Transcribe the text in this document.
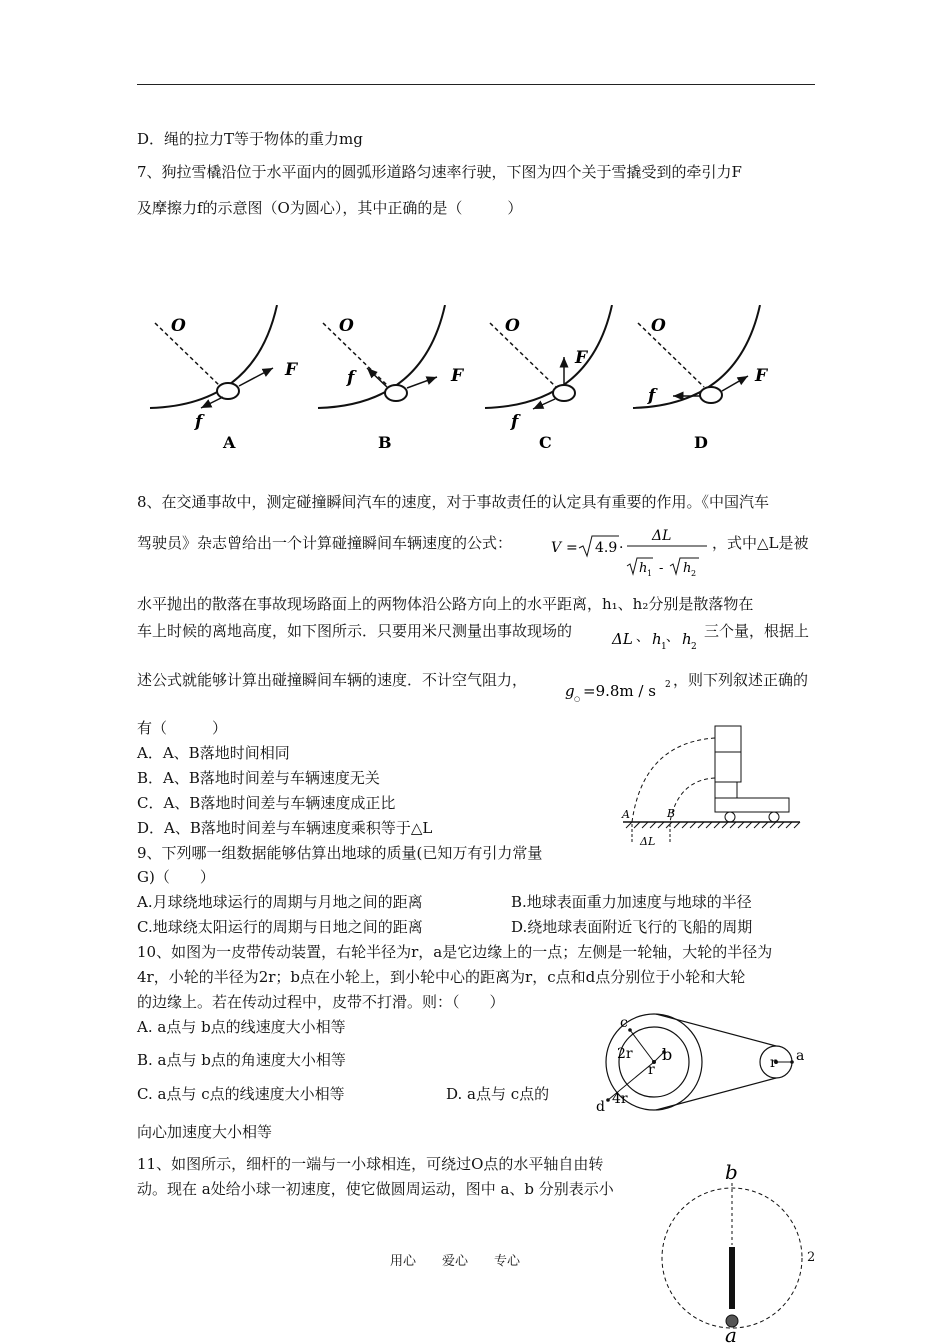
D．绳的拉力T等于物体的重力mg
7、狗拉雪橇沿位于水平面内的圆弧形道路匀速率行驶，下图为四个关于雪撬受到的牵引力F
及摩擦力f的示意图（O为圆心），其中正确的是（　　　）
O
F
f
A
O
F
f
B
O
F
f
C
O
F
f
D
8、在交通事故中，测定碰撞瞬间汽车的速度，对于事故责任的认定具有重要的作用。《中国汽车
驾驶员》杂志曾给出一个计算碰撞瞬间车辆速度的公式：	V = 4.9 ·
ΔL
h 1 - h 2
，式中△L是被
水平抛出的散落在事故现场路面上的两物体沿公路方向上的水平距离，h₁、h₂分别是散落物在
车上时候的离地高度，如下图所示．只要用米尺测量出事故现场的	ΔL 、 h 1
、 h 2
三个量，根据上
述公式就能够计算出碰撞瞬间车辆的速度．不计空气阻力，
g ○ =9.8m / s 2 ，则下列叙述正确的
有（　　　）
A．A、B落地时间相同
B．A、B落地时间差与车辆速度无关
C．A、B落地时间差与车辆速度成正比
D．A、B落地时间差与车辆速度乘积等于△L
A	B
ΔL
9、下列哪一组数据能够估算出地球的质量(已知万有引力常量
G)（　　）
A.月球绕地球运行的周期与月地之间的距离	B.地球表面重力加速度与地球的半径
C.地球绕太阳运行的周期与日地之间的距离	D.绕地球表面附近飞行的飞船的周期
10、如图为一皮带传动装置，右轮半径为r，a是它边缘上的一点；左侧是一轮轴，大轮的半径为
4r，小轮的半径为2r；b点在小轮上，到小轮中心的距离为r，c点和d点分别位于小轮和大轮
的边缘上。若在传动过程中，皮带不打滑。则：（　　）
A. a点与 b点的线速度大小相等
B. a点与 b点的角速度大小相等
C. a点与 c点的线速度大小相等	D. a点与 c点的
向心加速度大小相等
c
2r b
r
d 4r
r a
11、如图所示，细杆的一端与一小球相连，可绕过O点的水平轴自由转
动。现在 a处给小球一初速度，使它做圆周运动，图中 a、b 分别表示小
b
a
用心　　爱心　　专心	2
